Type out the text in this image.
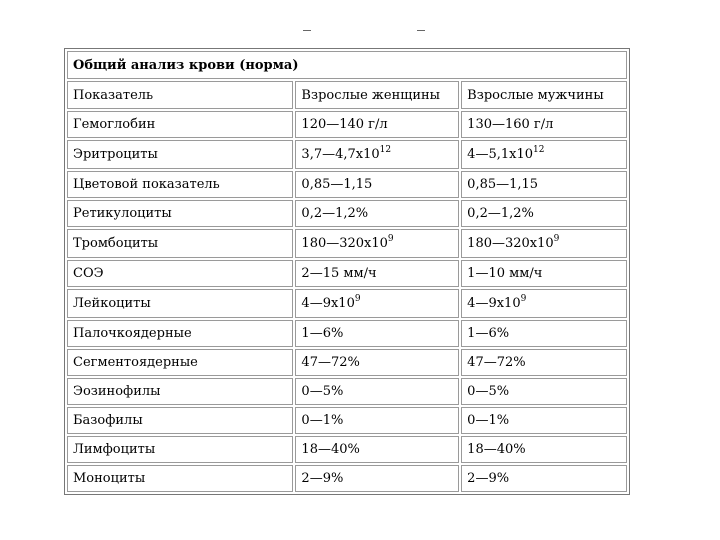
Общий анализ крови (норма)		
Показатель	Взрослые женщины	Взрослые мужчины
Гемоглобин	120—140 г/л	130—160 г/л
Эритроциты	$3,7—4,7x10^{12}$	$4—5,1x10^{12}$
Цветовой показатель	0,85—1,15	0,85—1,15
Ретикулоциты	0,2—1,2%	0,2—1,2%
Тромбоциты	$180—320x10^9$	$180—320x10^9$
СОЭ	2—15 мм/ч	1—10 мм/ч
Лейкоциты	$4—9x10^9$	$4—9x10^9$
Палочкоядерные	1—6%	1—6%
Сегментоядерные	47—72%	47—72%
Эозинофилы	0—5%	0—5%
Базофилы	0—1%	0—1%
Лимфоциты	18—40%	18—40%
Моноциты	2—9%	2—9%
